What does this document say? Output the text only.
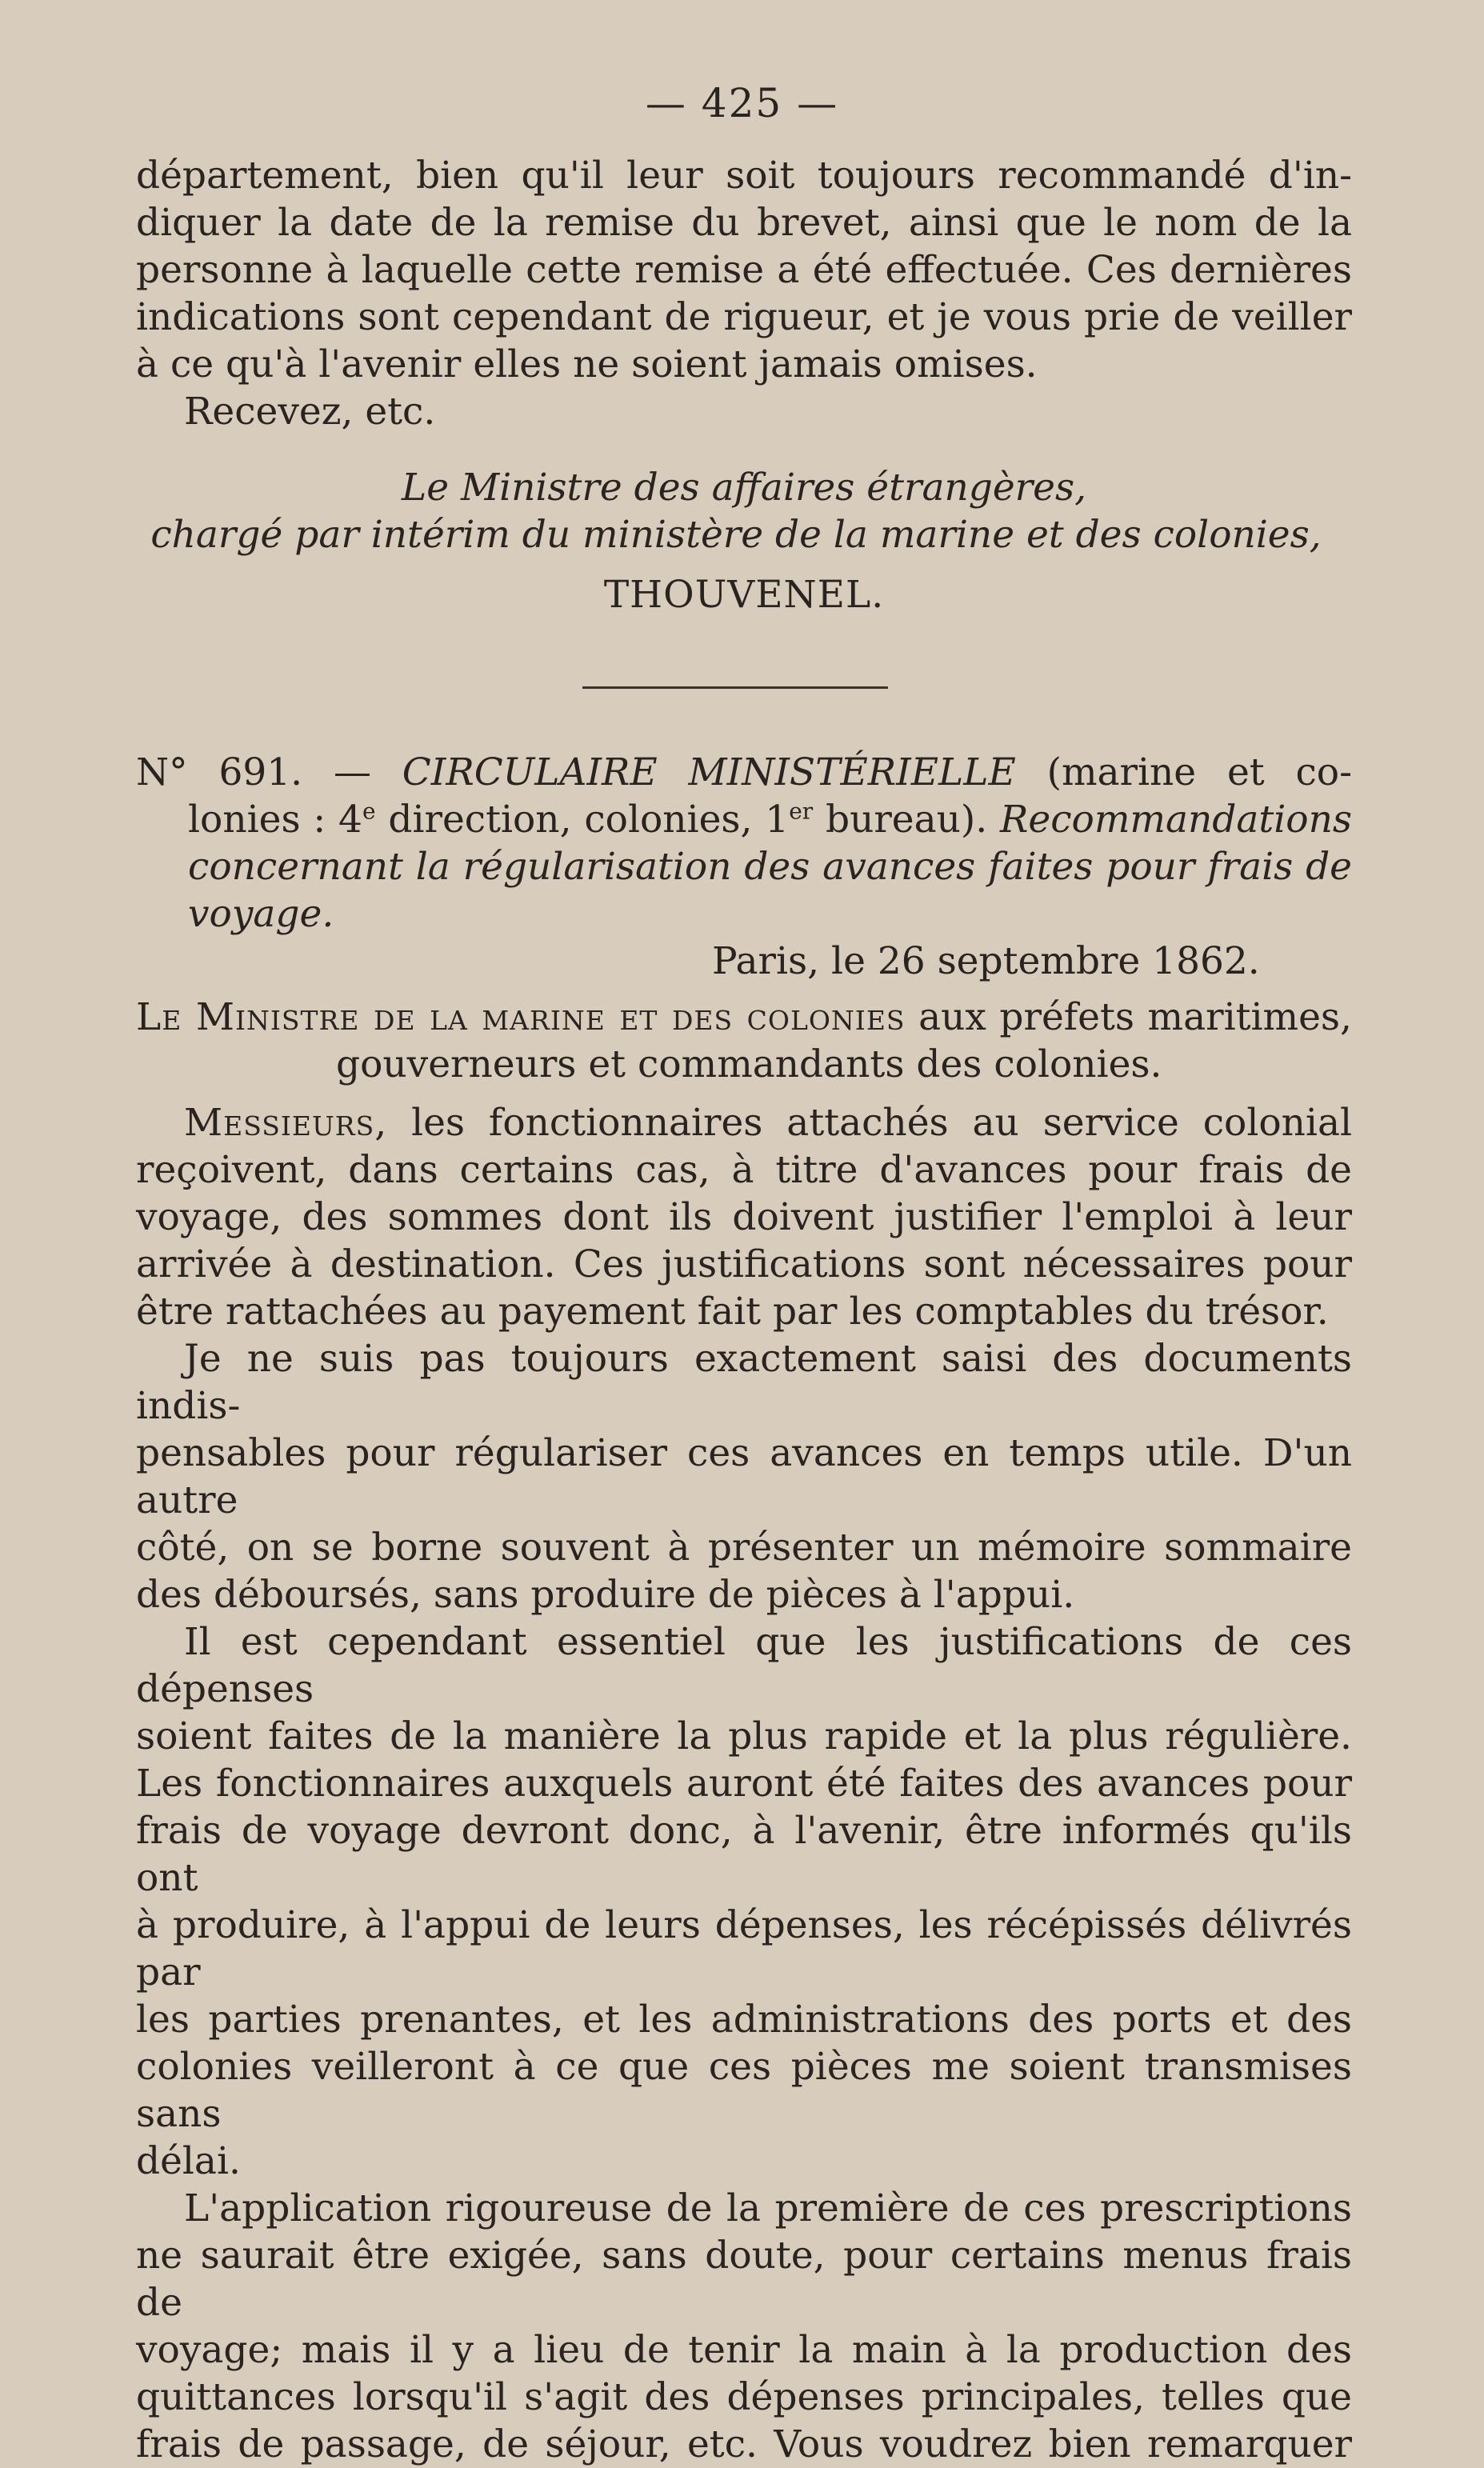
— 425 —

département, bien qu'il leur soit toujours recommandé d'in-

diquer la date de la remise du brevet, ainsi que le nom de la

personne à laquelle cette remise a été effectuée. Ces dernières

indications sont cependant de rigueur, et je vous prie de veiller

à ce qu'à l'avenir elles ne soient jamais omises.

Recevez, etc.

Le Ministre des affaires étrangères,

chargé par intérim du ministère de la marine et des colonies,

THOUVENEL.

N° 691. — CIRCULAIRE MINISTÉRIELLE (marine et co-

lonies : 4e direction, colonies, 1er bureau). Recommandations

concernant la régularisation des avances faites pour frais de

voyage.

Paris, le 26 septembre 1862.

Le Ministre de la marine et des colonies aux préfets maritimes,

gouverneurs et commandants des colonies.

Messieurs, les fonctionnaires attachés au service colonial

reçoivent, dans certains cas, à titre d'avances pour frais de

voyage, des sommes dont ils doivent justifier l'emploi à leur

arrivée à destination. Ces justifications sont nécessaires pour

être rattachées au payement fait par les comptables du trésor.

Je ne suis pas toujours exactement saisi des documents indis-

pensables pour régulariser ces avances en temps utile. D'un autre

côté, on se borne souvent à présenter un mémoire sommaire

des déboursés, sans produire de pièces à l'appui.

Il est cependant essentiel que les justifications de ces dépenses

soient faites de la manière la plus rapide et la plus régulière.

Les fonctionnaires auxquels auront été faites des avances pour

frais de voyage devront donc, à l'avenir, être informés qu'ils ont

à produire, à l'appui de leurs dépenses, les récépissés délivrés par

les parties prenantes, et les administrations des ports et des

colonies veilleront à ce que ces pièces me soient transmises sans

délai.

L'application rigoureuse de la première de ces prescriptions

ne saurait être exigée, sans doute, pour certains menus frais de

voyage; mais il y a lieu de tenir la main à la production des

quittances lorsqu'il s'agit des dépenses principales, telles que

frais de passage, de séjour, etc. Vous voudrez bien remarquer
